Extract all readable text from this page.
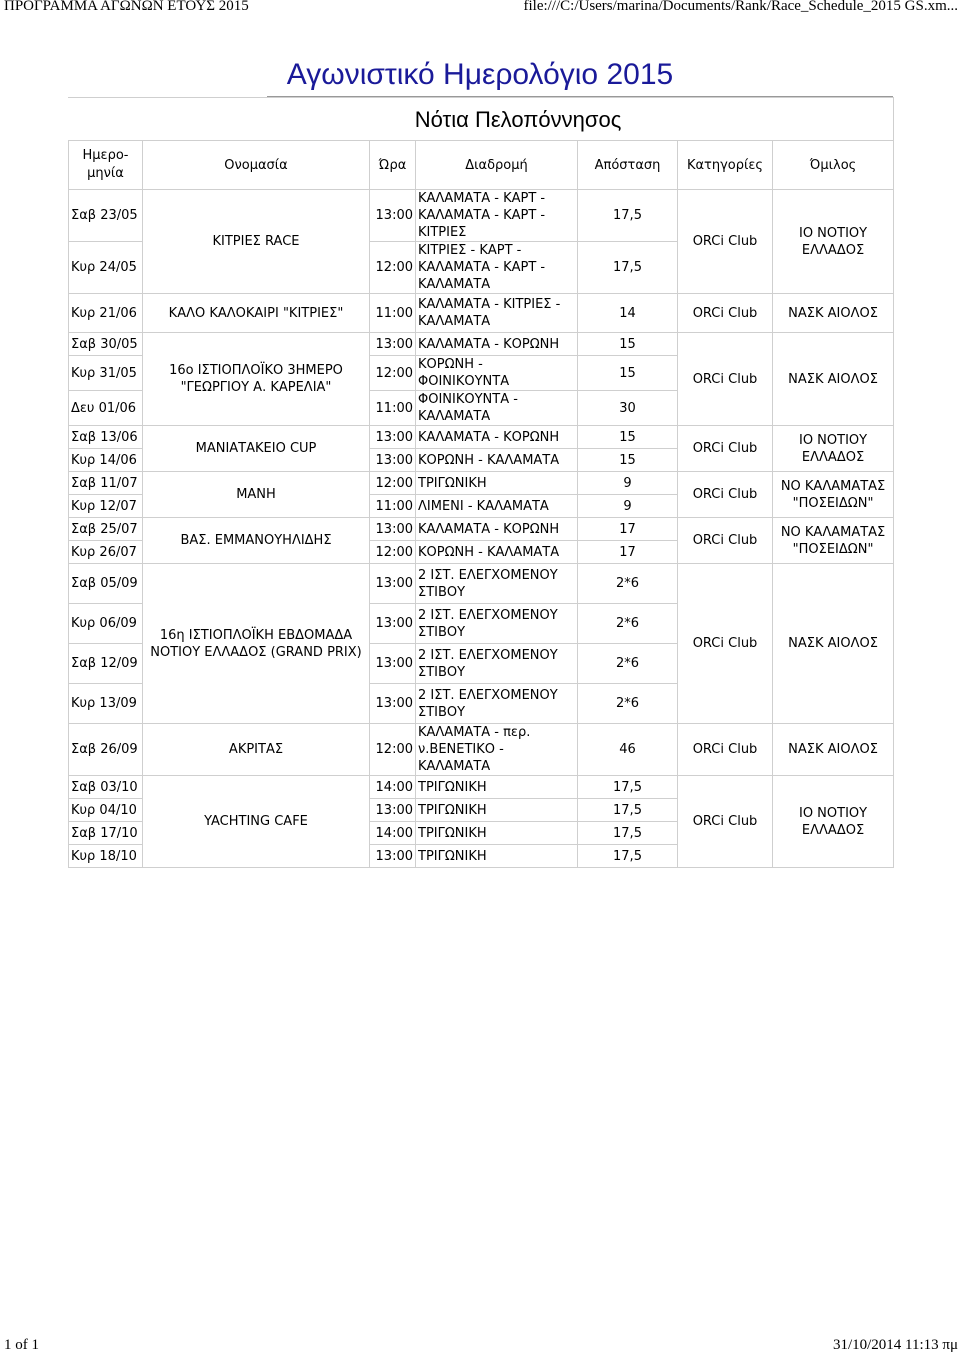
ΠΡΟΓΡΑΜΜΑ ΑΓΩΝΩΝ ΕΤΟΥΣ 2015	file:///C:/Users/marina/Documents/Rank/Race_Schedule_2015 GS.xm...
Αγωνιστικό Ημερολόγιο 2015
	Νότια Πελοπόννησος					
Ημερο-μηνία	Ονομασία	Ώρα	Διαδρομή	Απόσταση	Κατηγορίες	Όμιλος
Σαβ 23/05	ΚΙΤΡΙΕΣ RACE	13:00	ΚΑΛΑΜΑΤΑ - ΚΑΡΤ - ΚΑΛΑΜΑΤΑ - ΚΑΡΤ - ΚΙΤΡΙΕΣ	17,5	ORCi Club	ΙΟ ΝΟΤΙΟΥ ΕΛΛΑΔΟΣ
Κυρ 24/05		12:00	ΚΙΤΡΙΕΣ - ΚΑΡΤ - ΚΑΛΑΜΑΤΑ - ΚΑΡΤ - ΚΑΛΑΜΑΤΑ	17,5		
Κυρ 21/06	ΚΑΛΟ ΚΑΛΟΚΑΙΡΙ "ΚΙΤΡΙΕΣ"	11:00	ΚΑΛΑΜΑΤΑ - ΚΙΤΡΙΕΣ - ΚΑΛΑΜΑΤΑ	14	ORCi Club	ΝΑΣΚ ΑΙΟΛΟΣ
Σαβ 30/05	16ο ΙΣΤΙΟΠΛΟΪΚΟ 3ΗΜΕΡΟ "ΓΕΩΡΓΙΟΥ Α. ΚΑΡΕΛΙΑ"	13:00	ΚΑΛΑΜΑΤΑ - ΚΟΡΩΝΗ	15	ORCi Club	ΝΑΣΚ ΑΙΟΛΟΣ
Κυρ 31/05		12:00	ΚΟΡΩΝΗ - ΦΟΙΝΙΚΟΥΝΤΑ	15		
Δευ 01/06		11:00	ΦΟΙΝΙΚΟΥΝΤΑ - ΚΑΛΑΜΑΤΑ	30		
Σαβ 13/06	ΜΑΝΙΑΤΑΚΕΙΟ CUP	13:00	ΚΑΛΑΜΑΤΑ - ΚΟΡΩΝΗ	15	ORCi Club	ΙΟ ΝΟΤΙΟΥ ΕΛΛΑΔΟΣ
Κυρ 14/06		13:00	ΚΟΡΩΝΗ - ΚΑΛΑΜΑΤΑ	15		
Σαβ 11/07	ΜΑΝΗ	12:00	ΤΡΙΓΩΝΙΚΗ	9	ORCi Club	ΝΟ ΚΑΛΑΜΑΤΑΣ "ΠΟΣΕΙΔΩΝ"
Κυρ 12/07		11:00	ΛΙΜΕΝΙ - ΚΑΛΑΜΑΤΑ	9		
Σαβ 25/07	ΒΑΣ. ΕΜΜΑΝΟΥΗΛΙΔΗΣ	13:00	ΚΑΛΑΜΑΤΑ - ΚΟΡΩΝΗ	17	ORCi Club	ΝΟ ΚΑΛΑΜΑΤΑΣ "ΠΟΣΕΙΔΩΝ"
Κυρ 26/07		12:00	ΚΟΡΩΝΗ - ΚΑΛΑΜΑΤΑ	17		
Σαβ 05/09	16η ΙΣΤΙΟΠΛΟΪΚΗ ΕΒΔΟΜΑΔΑ ΝΟΤΙΟΥ ΕΛΛΑΔΟΣ (GRAND PRIX)	13:00	2 ΙΣΤ. ΕΛΕΓΧΟΜΕΝΟΥ ΣΤΙΒΟΥ	2*6	ORCi Club	ΝΑΣΚ ΑΙΟΛΟΣ
Κυρ 06/09		13:00	2 ΙΣΤ. ΕΛΕΓΧΟΜΕΝΟΥ ΣΤΙΒΟΥ	2*6		
Σαβ 12/09		13:00	2 ΙΣΤ. ΕΛΕΓΧΟΜΕΝΟΥ ΣΤΙΒΟΥ	2*6		
Κυρ 13/09		13:00	2 ΙΣΤ. ΕΛΕΓΧΟΜΕΝΟΥ ΣΤΙΒΟΥ	2*6		
Σαβ 26/09	ΑΚΡΙΤΑΣ	12:00	ΚΑΛΑΜΑΤΑ - περ. ν.ΒΕΝΕΤΙΚΟ - ΚΑΛΑΜΑΤΑ	46	ORCi Club	ΝΑΣΚ ΑΙΟΛΟΣ
Σαβ 03/10	YACHTING CAFE	14:00	ΤΡΙΓΩΝΙΚΗ	17,5	ORCi Club	ΙΟ ΝΟΤΙΟΥ ΕΛΛΑΔΟΣ
Κυρ 04/10		13:00	ΤΡΙΓΩΝΙΚΗ	17,5		
Σαβ 17/10		14:00	ΤΡΙΓΩΝΙΚΗ	17,5		
Κυρ 18/10		13:00	ΤΡΙΓΩΝΙΚΗ	17,5		
1 of 1	31/10/2014 11:13 πμ
